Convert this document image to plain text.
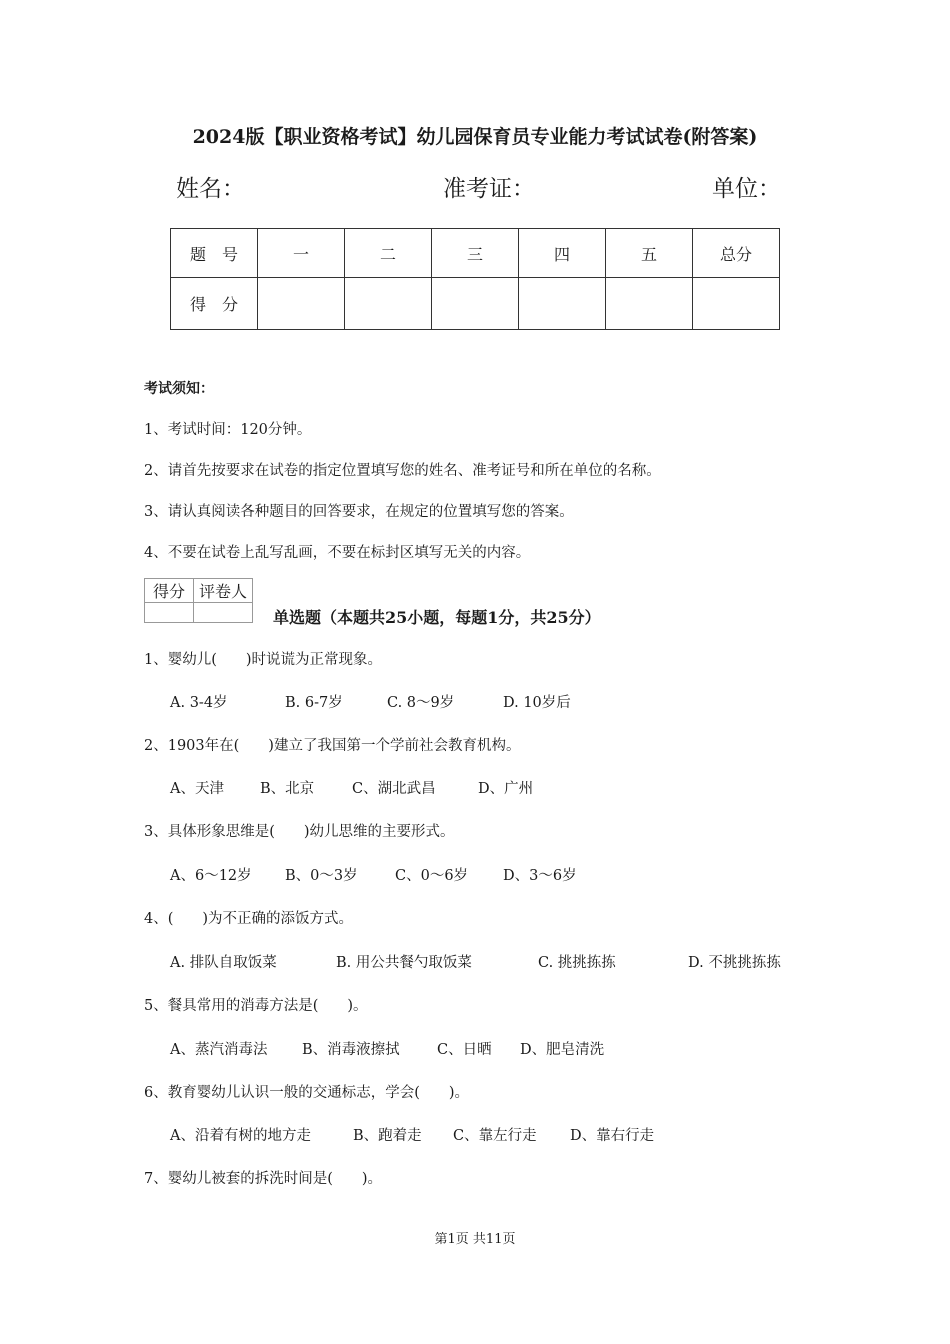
2024版【职业资格考试】幼儿园保育员专业能力考试试卷(附答案)
姓名：	准考证：	单位：
题　号	一	二	三	四	五	总分
得　分						
考试须知：
1、考试时间：120分钟。
2、请首先按要求在试卷的指定位置填写您的姓名、准考证号和所在单位的名称。
3、请认真阅读各种题目的回答要求，在规定的位置填写您的答案。
4、不要在试卷上乱写乱画，不要在标封区填写无关的内容。
得分	评卷人

单选题（本题共25小题，每题1分，共25分）
1、婴幼儿(　　)时说谎为正常现象。
A. 3-4岁	B. 6-7岁	C. 8～9岁	D. 10岁后
2、1903年在(　　)建立了我国第一个学前社会教育机构。
A、天津 B、北京	C、湖北武昌	D、广州
3、具体形象思维是(　　)幼儿思维的主要形式。
A、6～12岁 B、0～3岁	C、0～6岁 D、3～6岁
4、(　　)为不正确的添饭方式。
A. 排队自取饭菜	B. 用公共餐勺取饭菜	C. 挑挑拣拣	D. 不挑挑拣拣
5、餐具常用的消毒方法是(　　)。
A、蒸汽消毒法 B、消毒液擦拭	C、日晒 D、肥皂清洗
6、教育婴幼儿认识一般的交通标志，学会(　　)。
A、沿着有树的地方走	B、跑着走 C、靠左行走 D、靠右行走
7、婴幼儿被套的拆洗时间是(　　)。
第1页 共11页
